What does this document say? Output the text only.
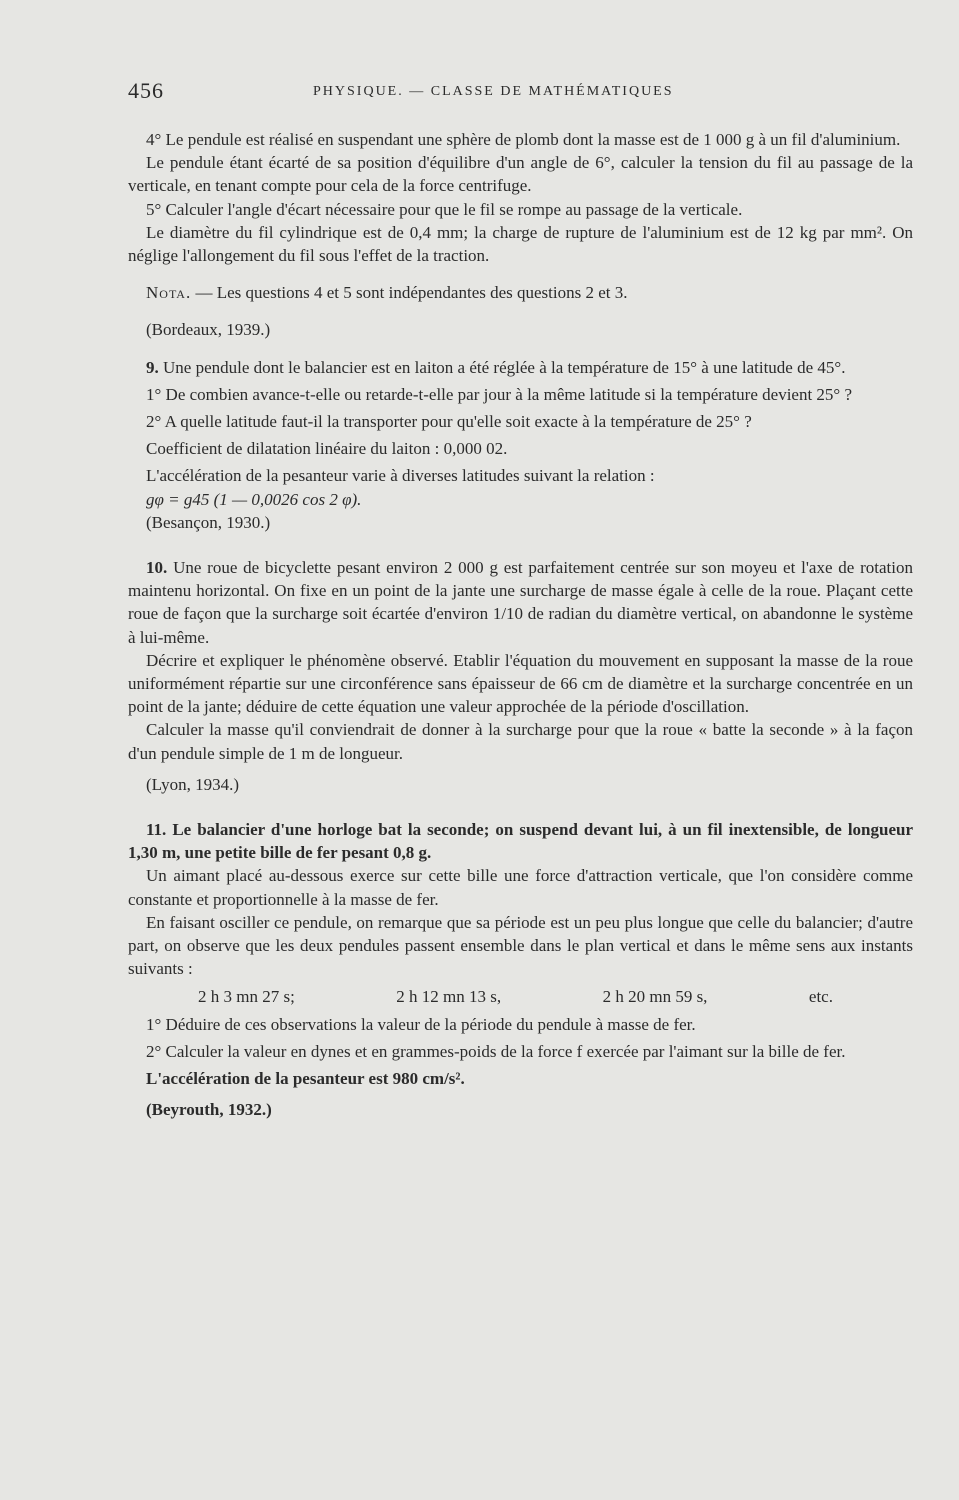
456	PHYSIQUE. — CLASSE DE MATHÉMATIQUES

4° Le pendule est réalisé en suspendant une sphère de plomb dont la masse est de 1 000 g à un fil d'aluminium.

Le pendule étant écarté de sa position d'équilibre d'un angle de 6°, calculer la tension du fil au passage de la verticale, en tenant compte pour cela de la force centrifuge.

5° Calculer l'angle d'écart nécessaire pour que le fil se rompe au passage de la verticale.

Le diamètre du fil cylindrique est de 0,4 mm; la charge de rupture de l'aluminium est de 12 kg par mm². On néglige l'allongement du fil sous l'effet de la traction.

Nota. — Les questions 4 et 5 sont indépendantes des questions 2 et 3.

(Bordeaux, 1939.)

9. Une pendule dont le balancier est en laiton a été réglée à la température de 15° à une latitude de 45°.

1° De combien avance-t-elle ou retarde-t-elle par jour à la même latitude si la température devient 25° ?

2° A quelle latitude faut-il la transporter pour qu'elle soit exacte à la température de 25° ?

Coefficient de dilatation linéaire du laiton : 0,000 02.

L'accélération de la pesanteur varie à diverses latitudes suivant la relation :

gφ = g45 (1 — 0,0026 cos 2 φ).

(Besançon, 1930.)

10. Une roue de bicyclette pesant environ 2 000 g est parfaitement centrée sur son moyeu et l'axe de rotation maintenu horizontal. On fixe en un point de la jante une surcharge de masse égale à celle de la roue. Plaçant cette roue de façon que la surcharge soit écartée d'environ 1/10 de radian du diamètre vertical, on abandonne le système à lui-même.

Décrire et expliquer le phénomène observé. Etablir l'équation du mouvement en supposant la masse de la roue uniformément répartie sur une circonférence sans épaisseur de 66 cm de diamètre et la surcharge concentrée en un point de la jante; déduire de cette équation une valeur approchée de la période d'oscillation.

Calculer la masse qu'il conviendrait de donner à la surcharge pour que la roue « batte la seconde » à la façon d'un pendule simple de 1 m de longueur.

(Lyon, 1934.)

11. Le balancier d'une horloge bat la seconde; on suspend devant lui, à un fil inextensible, de longueur 1,30 m, une petite bille de fer pesant 0,8 g.

Un aimant placé au-dessous exerce sur cette bille une force d'attraction verticale, que l'on considère comme constante et proportionnelle à la masse de fer.

En faisant osciller ce pendule, on remarque que sa période est un peu plus longue que celle du balancier; d'autre part, on observe que les deux pendules passent ensemble dans le plan vertical et dans le même sens aux instants suivants :

2 h 3 mn 27 s;	2 h 12 mn 13 s,	2 h 20 mn 59 s,	etc.

1° Déduire de ces observations la valeur de la période du pendule à masse de fer.

2° Calculer la valeur en dynes et en grammes-poids de la force f exercée par l'aimant sur la bille de fer.

L'accélération de la pesanteur est 980 cm/s².

(Beyrouth, 1932.)
